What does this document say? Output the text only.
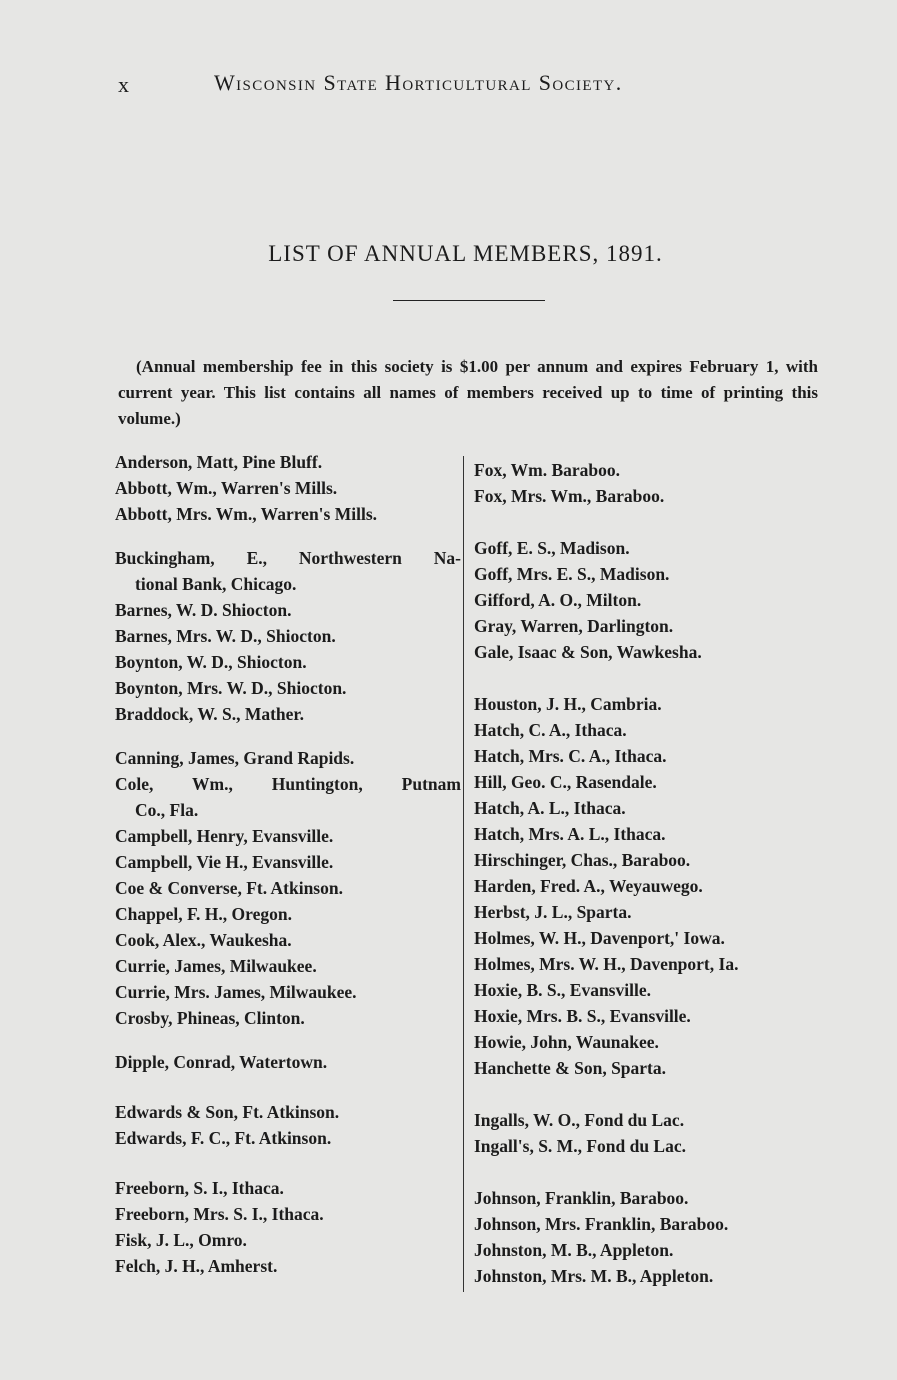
x	Wisconsin State Horticultural Society.
LIST OF ANNUAL MEMBERS, 1891.

(Annual membership fee in this society is $1.00 per annum and expires February 1, with current year. This list contains all names of members received up to time of printing this volume.)

Anderson, Matt, Pine Bluff.
Abbott, Wm., Warren's Mills.
Abbott, Mrs. Wm., Warren's Mills.
Buckingham, E., Northwestern Na-
tional Bank, Chicago.
Barnes, W. D. Shiocton.
Barnes, Mrs. W. D., Shiocton.
Boynton, W. D., Shiocton.
Boynton, Mrs. W. D., Shiocton.
Braddock, W. S., Mather.
Canning, James, Grand Rapids.
Cole, Wm., Huntington, Putnam
Co., Fla.
Campbell, Henry, Evansville.
Campbell, Vie H., Evansville.
Coe & Converse, Ft. Atkinson.
Chappel, F. H., Oregon.
Cook, Alex., Waukesha.
Currie, James, Milwaukee.
Currie, Mrs. James, Milwaukee.
Crosby, Phineas, Clinton.
Dipple, Conrad, Watertown.
Edwards & Son, Ft. Atkinson.
Edwards, F. C., Ft. Atkinson.
Freeborn, S. I., Ithaca.
Freeborn, Mrs. S. I., Ithaca.
Fisk, J. L., Omro.
Felch, J. H., Amherst.
Fox, Wm. Baraboo.
Fox, Mrs. Wm., Baraboo.
Goff, E. S., Madison.
Goff, Mrs. E. S., Madison.
Gifford, A. O., Milton.
Gray, Warren, Darlington.
Gale, Isaac & Son, Wawkesha.
Houston, J. H., Cambria.
Hatch, C. A., Ithaca.
Hatch, Mrs. C. A., Ithaca.
Hill, Geo. C., Rasendale.
Hatch, A. L., Ithaca.
Hatch, Mrs. A. L., Ithaca.
Hirschinger, Chas., Baraboo.
Harden, Fred. A., Weyauwego.
Herbst, J. L., Sparta.
Holmes, W. H., Davenport,' Iowa.
Holmes, Mrs. W. H., Davenport, Ia.
Hoxie, B. S., Evansville.
Hoxie, Mrs. B. S., Evansville.
Howie, John, Waunakee.
Hanchette & Son, Sparta.
Ingalls, W. O., Fond du Lac.
Ingall's, S. M., Fond du Lac.
Johnson, Franklin, Baraboo.
Johnson, Mrs. Franklin, Baraboo.
Johnston, M. B., Appleton.
Johnston, Mrs. M. B., Appleton.
